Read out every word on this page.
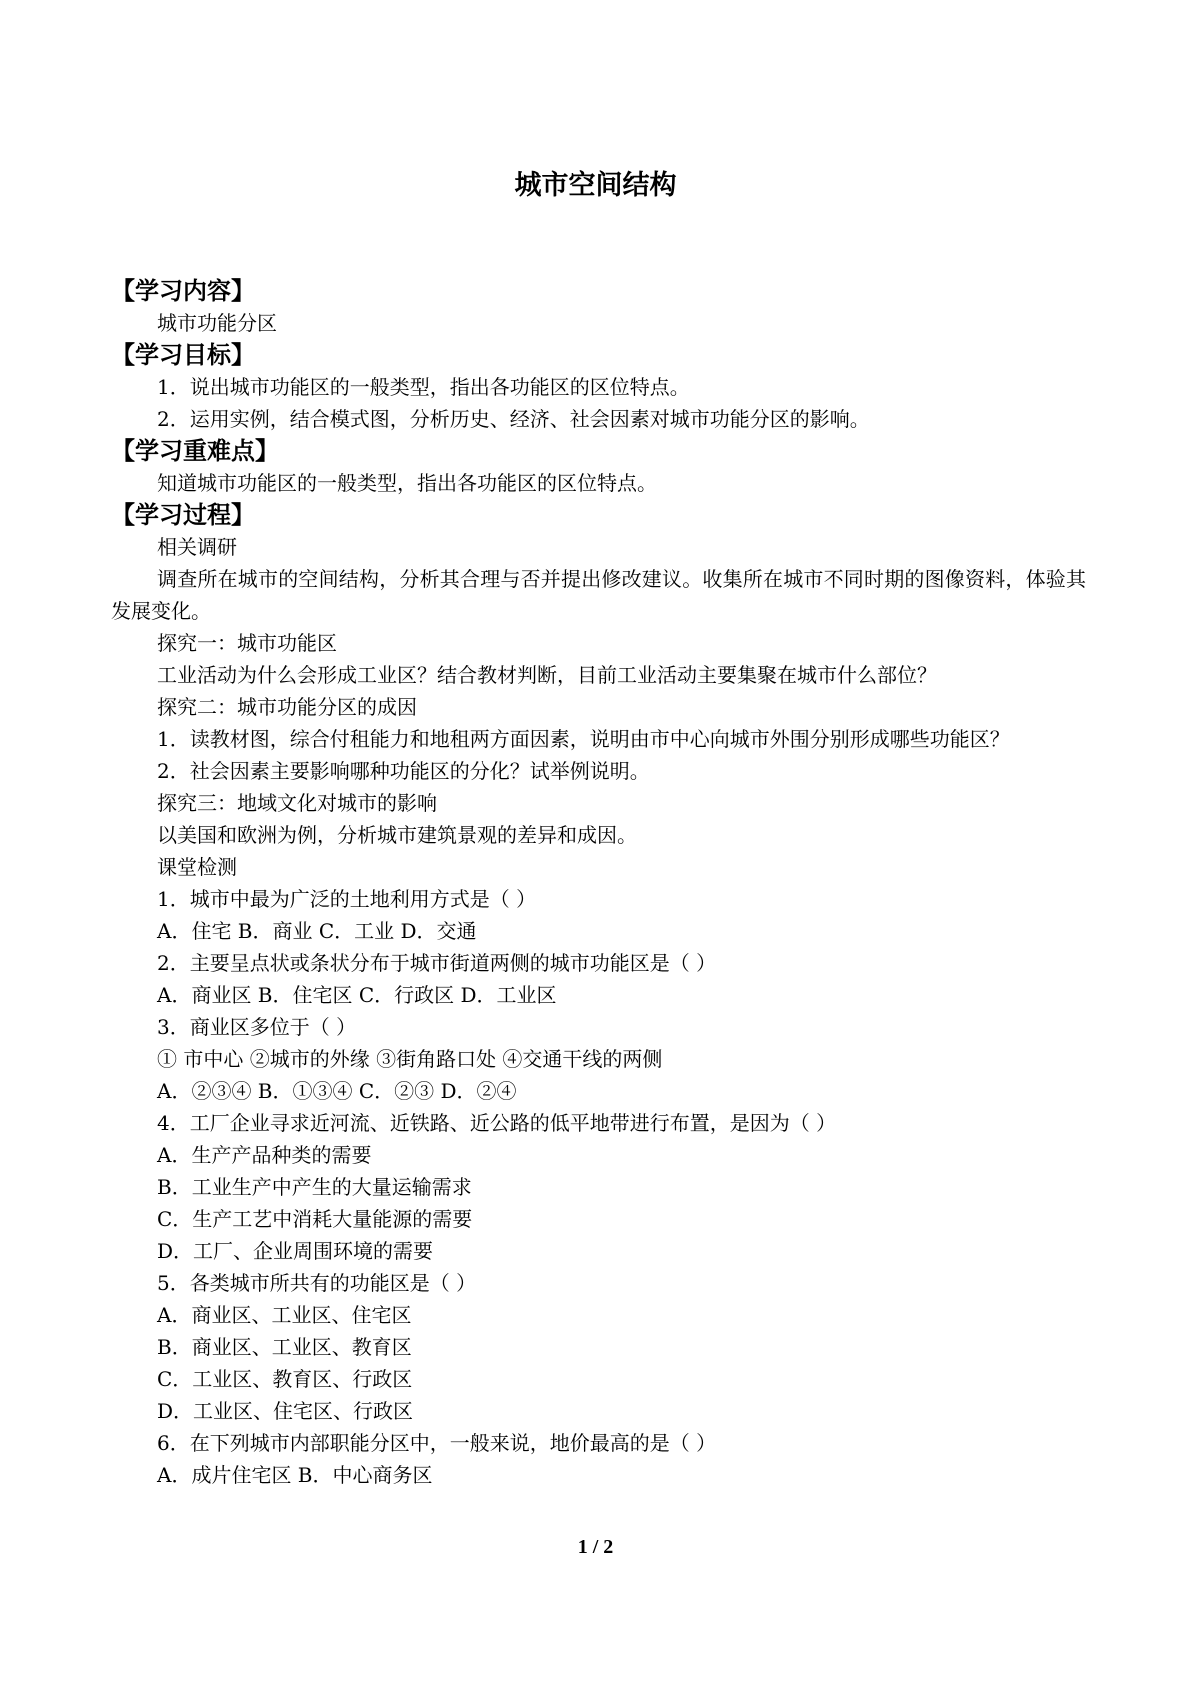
城市空间结构
【学习内容】
城市功能分区
【学习目标】
1．说出城市功能区的一般类型，指出各功能区的区位特点。
2．运用实例，结合模式图，分析历史、经济、社会因素对城市功能分区的影响。
【学习重难点】
知道城市功能区的一般类型，指出各功能区的区位特点。
【学习过程】
相关调研
调查所在城市的空间结构，分析其合理与否并提出修改建议。收集所在城市不同时期的图像资料，体验其发展变化。
探究一：城市功能区
工业活动为什么会形成工业区？结合教材判断，目前工业活动主要集聚在城市什么部位？
探究二：城市功能分区的成因
1．读教材图，综合付租能力和地租两方面因素，说明由市中心向城市外围分别形成哪些功能区？
2．社会因素主要影响哪种功能区的分化？试举例说明。
探究三：地域文化对城市的影响
以美国和欧洲为例，分析城市建筑景观的差异和成因。
课堂检测
1．城市中最为广泛的土地利用方式是（ ）
A．住宅 B．商业 C．工业 D．交通
2．主要呈点状或条状分布于城市街道两侧的城市功能区是（ ）
A．商业区 B．住宅区 C．行政区 D．工业区
3．商业区多位于（ ）
① 市中心 ②城市的外缘 ③街角路口处 ④交通干线的两侧
A．②③④ B．①③④ C．②③ D．②④
4．工厂企业寻求近河流、近铁路、近公路的低平地带进行布置，是因为（ ）
A．生产产品种类的需要
B．工业生产中产生的大量运输需求
C．生产工艺中消耗大量能源的需要
D．工厂、企业周围环境的需要
5．各类城市所共有的功能区是（ ）
A．商业区、工业区、住宅区
B．商业区、工业区、教育区
C．工业区、教育区、行政区
D．工业区、住宅区、行政区
6．在下列城市内部职能分区中，一般来说，地价最高的是（ ）
A．成片住宅区 B．中心商务区
1 / 2
